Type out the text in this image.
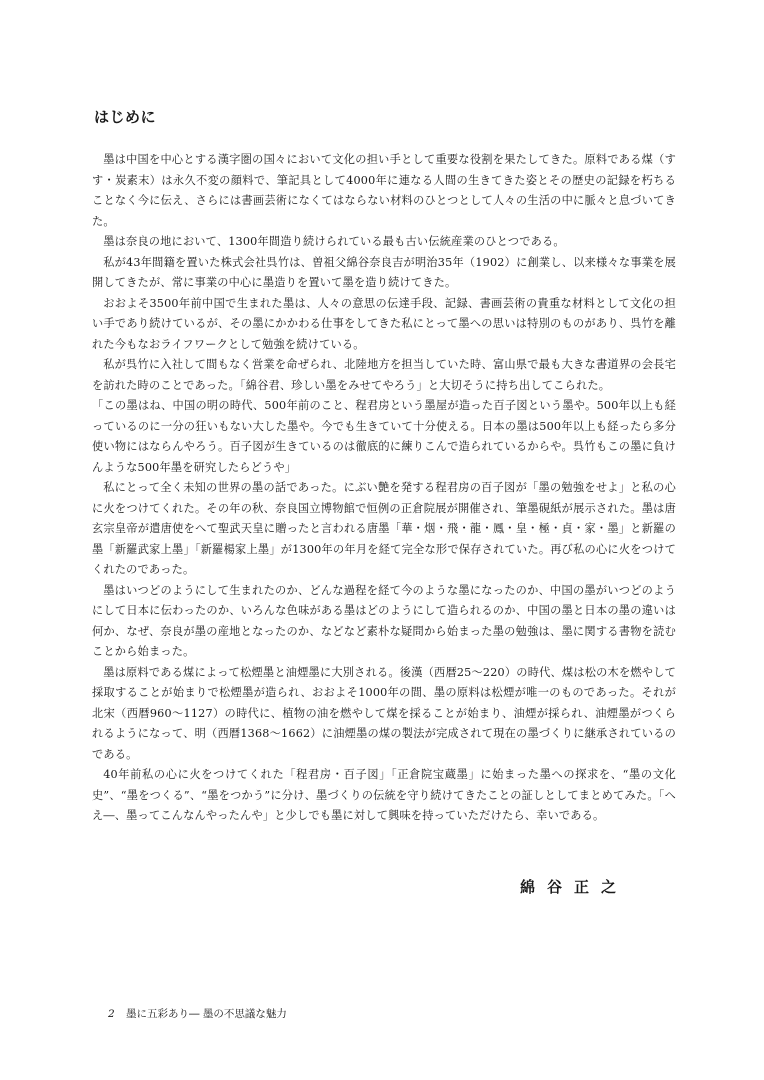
はじめに

墨は中国を中心とする漢字圏の国々において文化の担い手として重要な役割を果たしてきた。原料である煤（すす・炭素末）は永久不変の顔料で、筆記具として4000年に連なる人間の生きてきた姿とその歴史の記録を朽ちることなく今に伝え、さらには書画芸術になくてはならない材料のひとつとして人々の生活の中に脈々と息づいてきた。

墨は奈良の地において、1300年間造り続けられている最も古い伝統産業のひとつである。

私が43年間籍を置いた株式会社呉竹は、曽祖父綿谷奈良吉が明治35年（1902）に創業し、以来様々な事業を展開してきたが、常に事業の中心に墨造りを置いて墨を造り続けてきた。

おおよそ3500年前中国で生まれた墨は、人々の意思の伝達手段、記録、書画芸術の貴重な材料として文化の担い手であり続けているが、その墨にかかわる仕事をしてきた私にとって墨への思いは特別のものがあり、呉竹を離れた今もなおライフワークとして勉強を続けている。

私が呉竹に入社して間もなく営業を命ぜられ、北陸地方を担当していた時、富山県で最も大きな書道界の会長宅を訪れた時のことであった。「綿谷君、珍しい墨をみせてやろう」と大切そうに持ち出してこられた。

「この墨はね、中国の明の時代、500年前のこと、程君房という墨屋が造った百子図という墨や。500年以上も経っているのに一分の狂いもない大した墨や。今でも生きていて十分使える。日本の墨は500年以上も経ったら多分使い物にはならんやろう。百子図が生きているのは徹底的に練りこんで造られているからや。呉竹もこの墨に負けんような500年墨を研究したらどうや」

私にとって全く未知の世界の墨の話であった。にぶい艶を発する程君房の百子図が「墨の勉強をせよ」と私の心に火をつけてくれた。その年の秋、奈良国立博物館で恒例の正倉院展が開催され、筆墨硯紙が展示された。墨は唐玄宗皇帝が遣唐使をへて聖武天皇に贈ったと言われる唐墨「華・烟・飛・龍・鳳・皇・極・貞・家・墨」と新羅の墨「新羅武家上墨」「新羅楊家上墨」が1300年の年月を経て完全な形で保存されていた。再び私の心に火をつけてくれたのであった。

墨はいつどのようにして生まれたのか、どんな過程を経て今のような墨になったのか、中国の墨がいつどのようにして日本に伝わったのか、いろんな色味がある墨はどのようにして造られるのか、中国の墨と日本の墨の違いは何か、なぜ、奈良が墨の産地となったのか、などなど素朴な疑問から始まった墨の勉強は、墨に関する書物を読むことから始まった。

墨は原料である煤によって松煙墨と油煙墨に大別される。後漢（西暦25～220）の時代、煤は松の木を燃やして採取することが始まりで松煙墨が造られ、おおよそ1000年の間、墨の原料は松煙が唯一のものであった。それが北宋（西暦960～1127）の時代に、植物の油を燃やして煤を採ることが始まり、油煙が採られ、油煙墨がつくられるようになって、明（西暦1368～1662）に油煙墨の煤の製法が完成されて現在の墨づくりに継承されているのである。

40年前私の心に火をつけてくれた「程君房・百子図」「正倉院宝蔵墨」に始まった墨への探求を、“墨の文化史”、“墨をつくる”、“墨をつかう”に分け、墨づくりの伝統を守り続けてきたことの証しとしてまとめてみた。「へえ―、墨ってこんなんやったんや」と少しでも墨に対して興味を持っていただけたら、幸いである。

綿谷正之
2 墨に五彩あり― 墨の不思議な魅力
